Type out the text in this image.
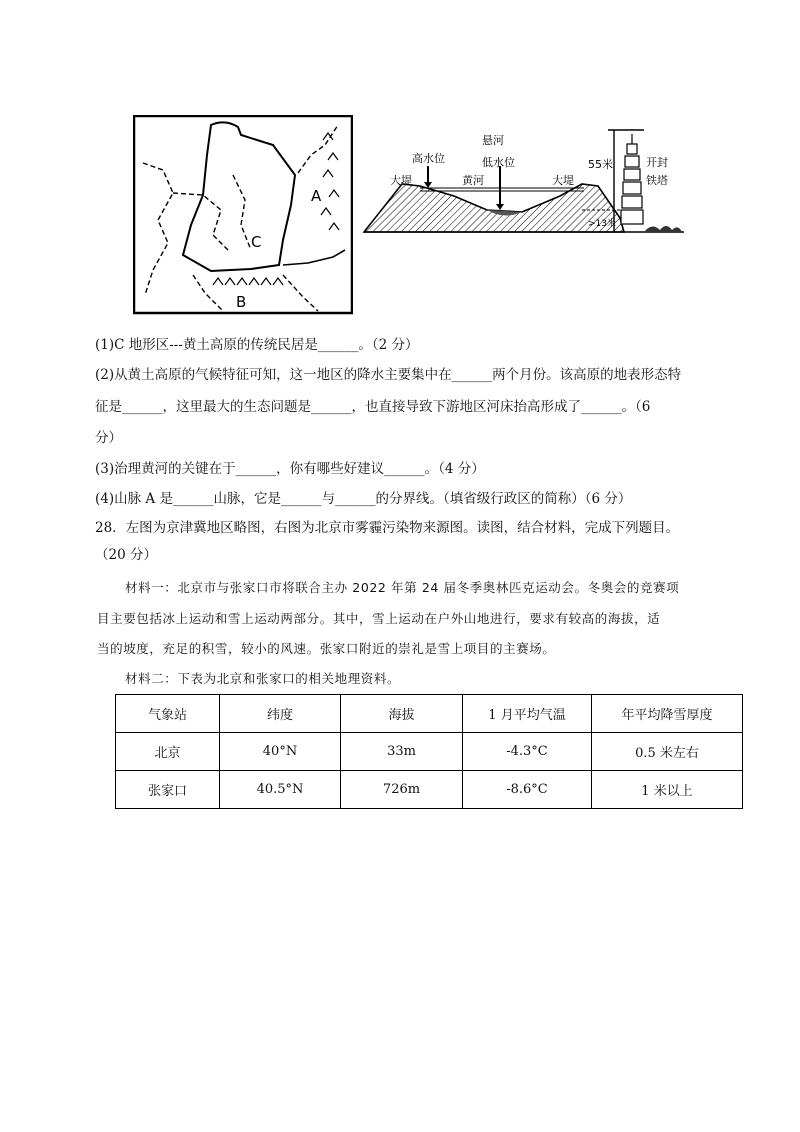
A
B
C
悬河
高水位	低水位
大堤	大堤
黄河
55米
>13米
开封
铁塔
(1)C 地形区---黄土高原的传统民居是______。（2 分）
(2)从黄土高原的气候特征可知，这一地区的降水主要集中在______两个月份。该高原的地表形态特
征是______，这里最大的生态问题是______，也直接导致下游地区河床抬高形成了______。（6
分）
(3)治理黄河的关键在于______，你有哪些好建议______。（4 分）
(4)山脉 A 是______山脉，它是______与______的分界线。（填省级行政区的简称）（6 分）
28．左图为京津冀地区略图，右图为北京市雾霾污染物来源图。读图，结合材料，完成下列题目。
（20 分）
材料一：北京市与张家口市将联合主办 2022 年第 24 届冬季奥林匹克运动会。冬奥会的竞赛项
目主要包括冰上运动和雪上运动两部分。其中，雪上运动在户外山地进行，要求有较高的海拔，适
当的坡度，充足的积雪，较小的风速。张家口附近的崇礼是雪上项目的主赛场。
材料二：下表为北京和张家口的相关地理资料。
气象站	纬度	海拔	1 月平均气温	年平均降雪厚度
北京	40°N	33m	-4.3°C	0.5 米左右
张家口	40.5°N	726m	-8.6°C	1 米以上
